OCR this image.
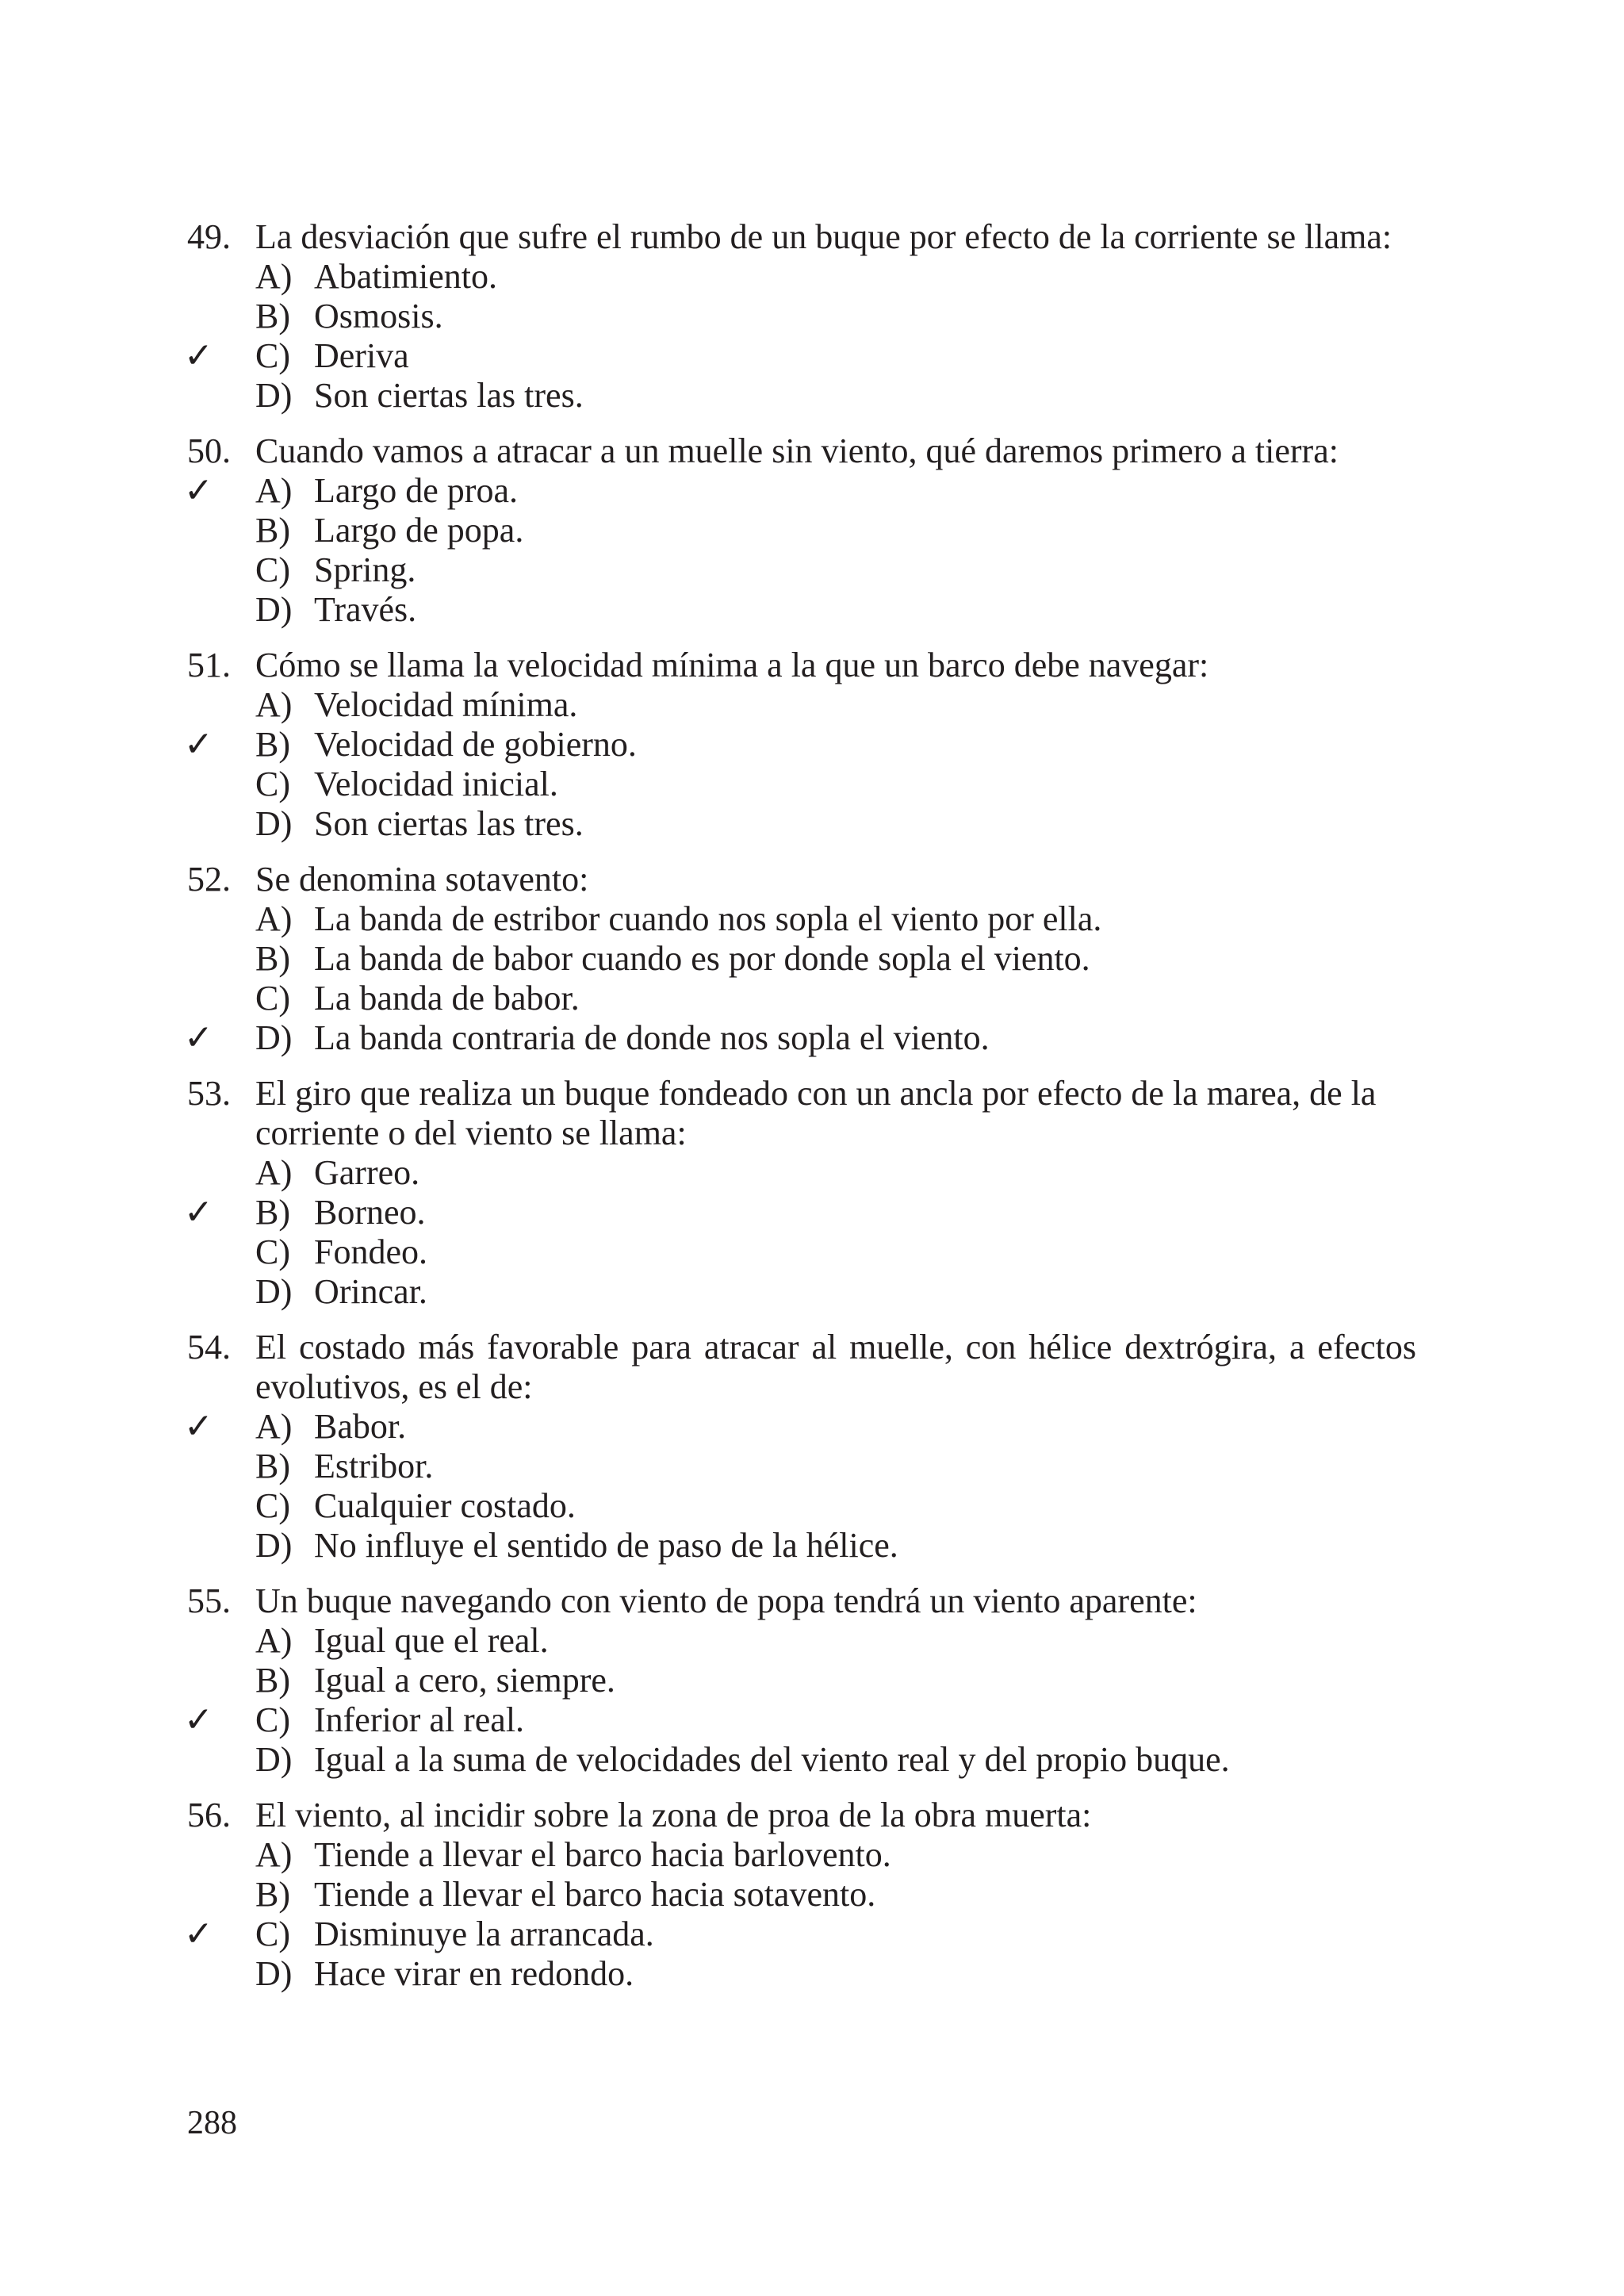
49. La desviación que sufre el rumbo de un buque por efecto de la corriente se llama:
A) Abatimiento.
B) Osmosis.
✓ C) Deriva
D) Son ciertas las tres.
50. Cuando vamos a atracar a un muelle sin viento, qué daremos primero a tierra:
✓ A) Largo de proa.
B) Largo de popa.
C) Spring.
D) Través.
51. Cómo se llama la velocidad mínima a la que un barco debe navegar:
A) Velocidad mínima.
✓ B) Velocidad de gobierno.
C) Velocidad inicial.
D) Son ciertas las tres.
52. Se denomina sotavento:
A) La banda de estribor cuando nos sopla el viento por ella.
B) La banda de babor cuando es por donde sopla el viento.
C) La banda de babor.
✓ D) La banda contraria de donde nos sopla el viento.
53. El giro que realiza un buque fondeado con un ancla por efecto de la marea, de la corriente o del viento se llama:
A) Garreo.
✓ B) Borneo.
C) Fondeo.
D) Orincar.
54. El costado más favorable para atracar al muelle, con hélice dextrógira, a efectos evolutivos, es el de:
✓ A) Babor.
B) Estribor.
C) Cualquier costado.
D) No influye el sentido de paso de la hélice.
55. Un buque navegando con viento de popa tendrá un viento aparente:
A) Igual que el real.
B) Igual a cero, siempre.
✓ C) Inferior al real.
D) Igual a la suma de velocidades del viento real y del propio buque.
56. El viento, al incidir sobre la zona de proa de la obra muerta:
A) Tiende a llevar el barco hacia barlovento.
B) Tiende a llevar el barco hacia sotavento.
✓ C) Disminuye la arrancada.
D) Hace virar en redondo.
288
